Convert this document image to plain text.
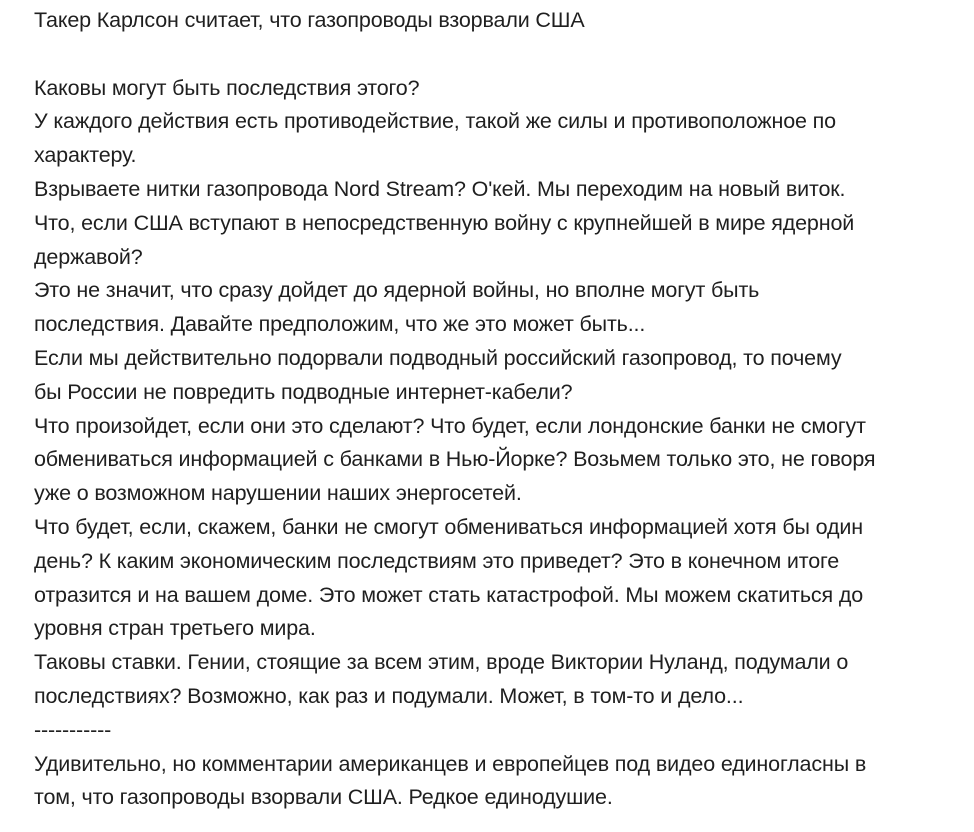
Такер Карлсон считает, что газопроводы взорвали США
Каковы могут быть последствия этого?
У каждого действия есть противодействие, такой же силы и противоположное по
характеру.
Взрываете нитки газопровода Nord Stream? О'кей. Мы переходим на новый виток.
Что, если США вступают в непосредственную войну с крупнейшей в мире ядерной
державой?
Это не значит, что сразу дойдет до ядерной войны, но вполне могут быть
последствия. Давайте предположим, что же это может быть...
Если мы действительно подорвали подводный российский газопровод, то почему
бы России не повредить подводные интернет-кабели?
Что произойдет, если они это сделают? Что будет, если лондонские банки не смогут
обмениваться информацией с банками в Нью-Йорке? Возьмем только это, не говоря
уже о возможном нарушении наших энергосетей.
Что будет, если, скажем, банки не смогут обмениваться информацией хотя бы один
день? К каким экономическим последствиям это приведет? Это в конечном итоге
отразится и на вашем доме. Это может стать катастрофой. Мы можем скатиться до
уровня стран третьего мира.
Таковы ставки. Гении, стоящие за всем этим, вроде Виктории Нуланд, подумали о
последствиях? Возможно, как раз и подумали. Может, в том-то и дело...
-----------
Удивительно, но комментарии американцев и европейцев под видео единогласны в
том, что газопроводы взорвали США. Редкое единодушие.
